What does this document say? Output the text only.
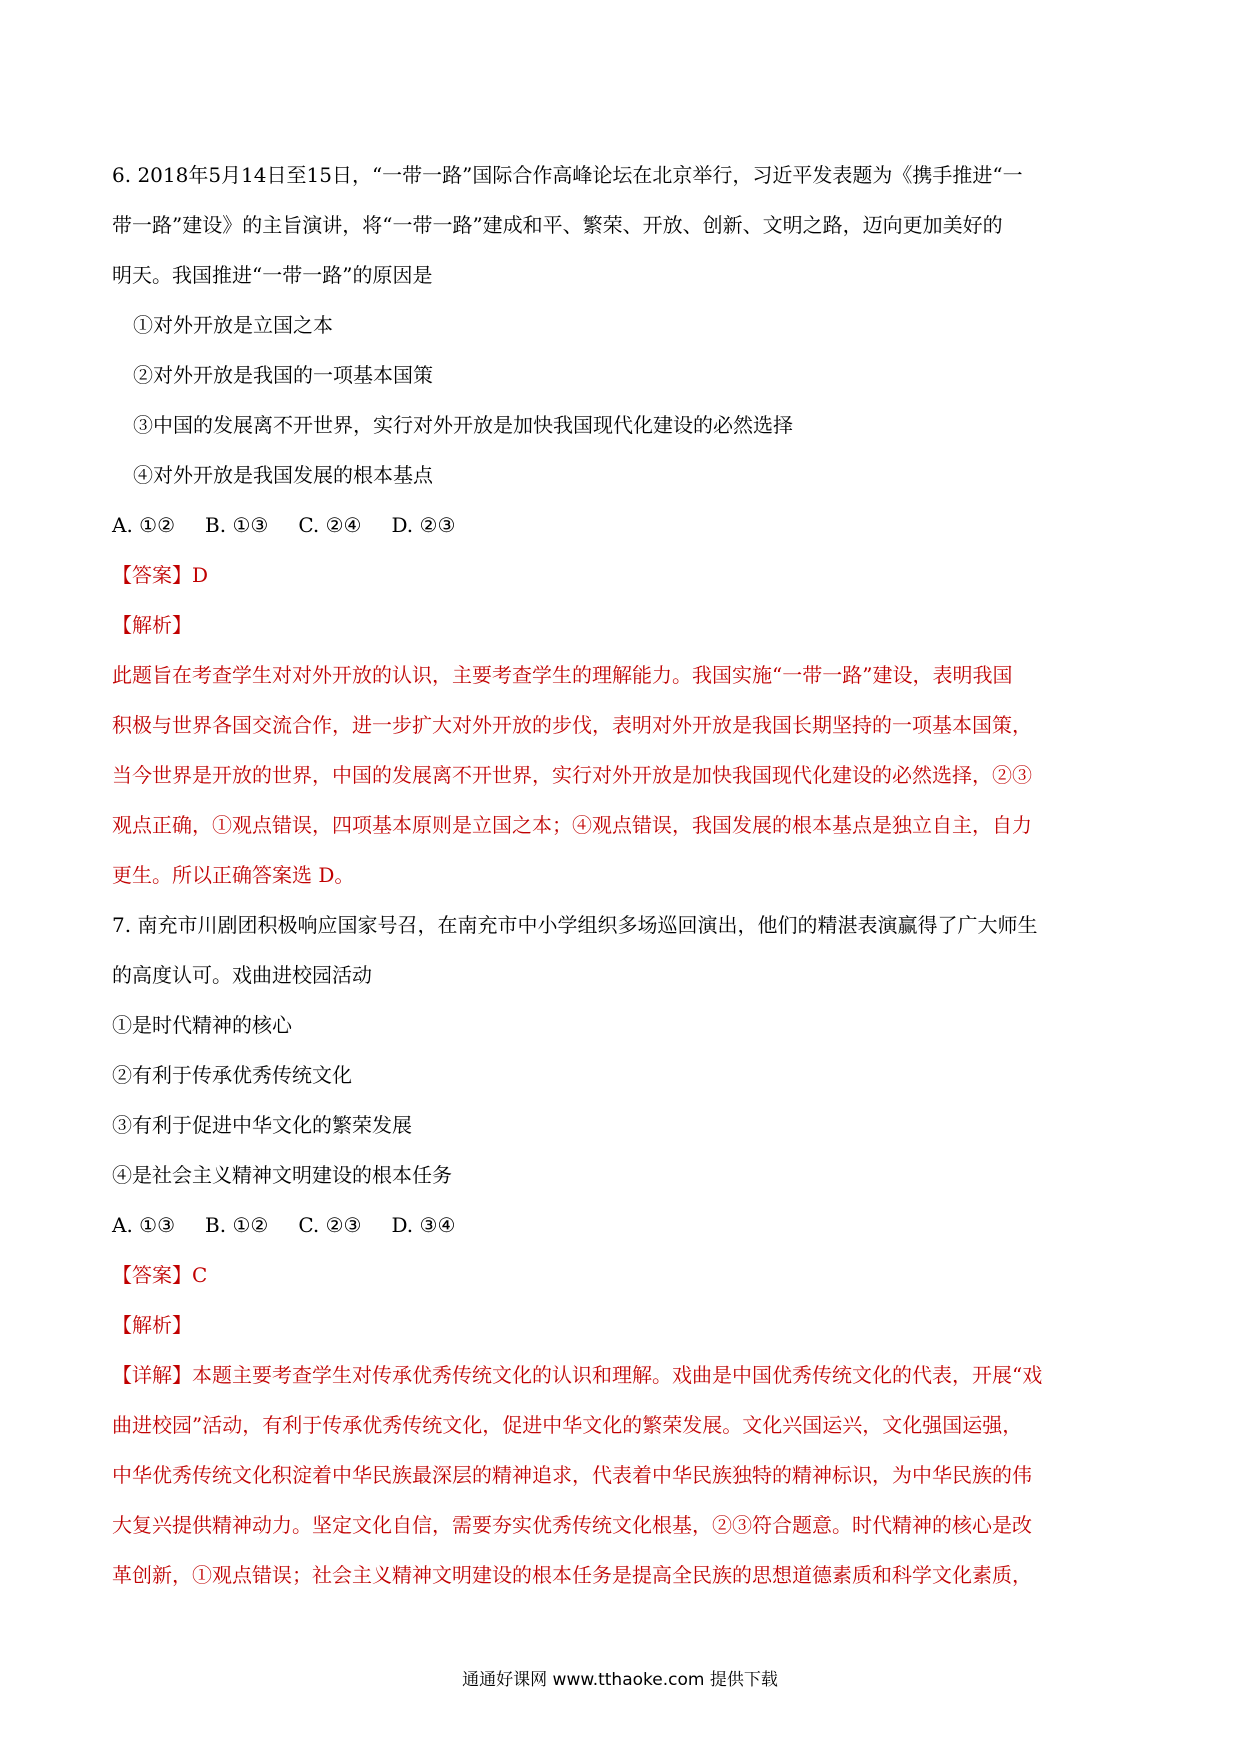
6. 2018年5月14日至15日，“一带一路”国际合作高峰论坛在北京举行，习近平发表题为《携手推进“一

带一路”建设》的主旨演讲，将“一带一路”建成和平、繁荣、开放、创新、文明之路，迈向更加美好的

明天。我国推进“一带一路”的原因是

①对外开放是立国之本

②对外开放是我国的一项基本国策

③中国的发展离不开世界，实行对外开放是加快我国现代化建设的必然选择

④对外开放是我国发展的根本基点

A. ①② B. ①③ C. ②④ D. ②③

【答案】D

【解析】

此题旨在考查学生对对外开放的认识，主要考查学生的理解能力。我国实施“一带一路”建设，表明我国

积极与世界各国交流合作，进一步扩大对外开放的步伐，表明对外开放是我国长期坚持的一项基本国策，

当今世界是开放的世界，中国的发展离不开世界，实行对外开放是加快我国现代化建设的必然选择，②③

观点正确，①观点错误，四项基本原则是立国之本；④观点错误，我国发展的根本基点是独立自主，自力

更生。所以正确答案选 D。

7. 南充市川剧团积极响应国家号召，在南充市中小学组织多场巡回演出，他们的精湛表演赢得了广大师生

的高度认可。戏曲进校园活动

①是时代精神的核心

②有利于传承优秀传统文化

③有利于促进中华文化的繁荣发展

④是社会主义精神文明建设的根本任务

A. ①③ B. ①② C. ②③ D. ③④

【答案】C

【解析】

【详解】本题主要考查学生对传承优秀传统文化的认识和理解。戏曲是中国优秀传统文化的代表，开展“戏

曲进校园”活动，有利于传承优秀传统文化，促进中华文化的繁荣发展。文化兴国运兴，文化强国运强，

中华优秀传统文化积淀着中华民族最深层的精神追求，代表着中华民族独特的精神标识，为中华民族的伟

大复兴提供精神动力。坚定文化自信，需要夯实优秀传统文化根基，②③符合题意。时代精神的核心是改

革创新，①观点错误；社会主义精神文明建设的根本任务是提高全民族的思想道德素质和科学文化素质，

通通好课网 www.tthaoke.com 提供下载
